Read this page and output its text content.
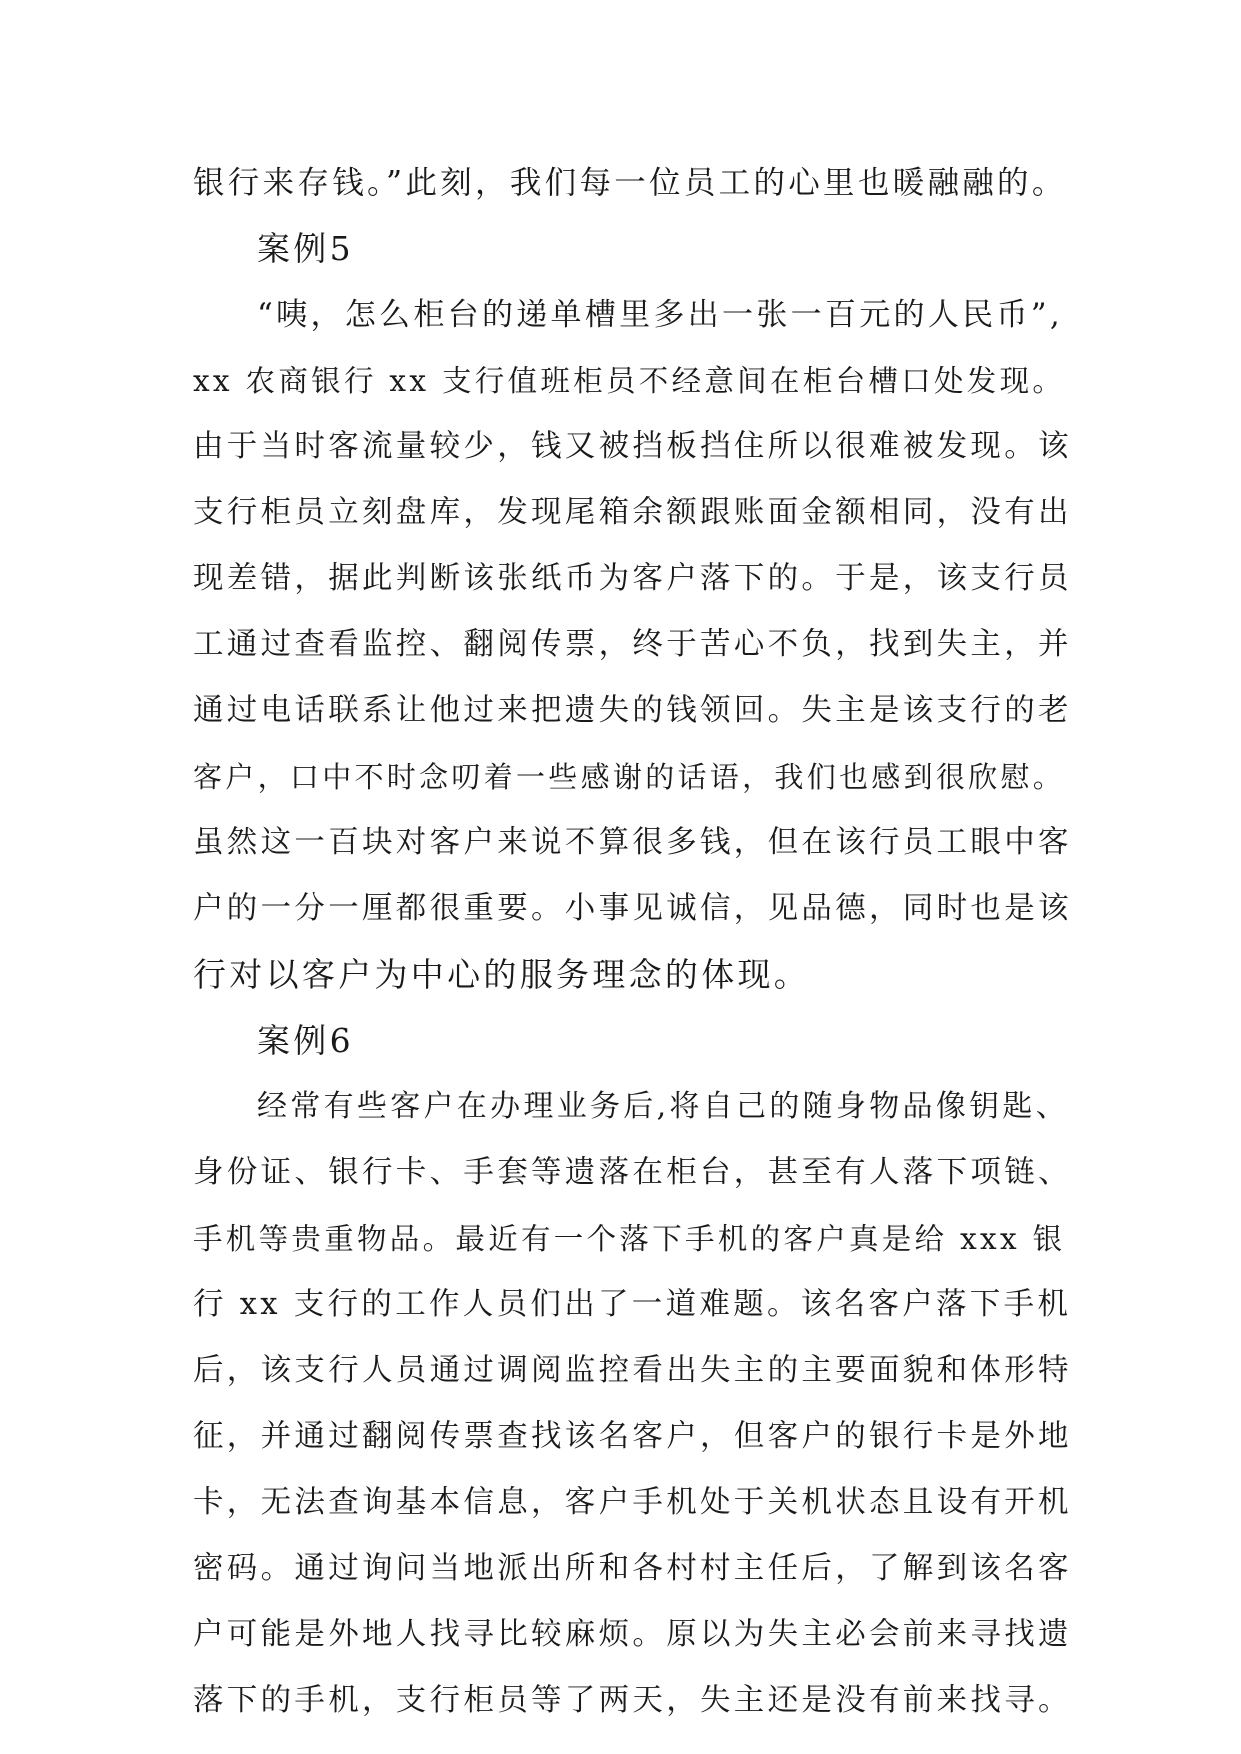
银行来存钱。”此刻，我们每一位员工的心里也暖融融的。
案例5
“咦，怎么柜台的递单槽里多出一张一百元的人民币”,
xx 农商银行 xx 支行值班柜员不经意间在柜台槽口处发现。
由于当时客流量较少，钱又被挡板挡住所以很难被发现。该
支行柜员立刻盘库，发现尾箱余额跟账面金额相同，没有出
现差错，据此判断该张纸币为客户落下的。于是，该支行员
工通过查看监控、翻阅传票，终于苦心不负，找到失主，并
通过电话联系让他过来把遗失的钱领回。失主是该支行的老
客户，口中不时念叨着一些感谢的话语，我们也感到很欣慰。
虽然这一百块对客户来说不算很多钱，但在该行员工眼中客
户的一分一厘都很重要。小事见诚信，见品德，同时也是该
行对以客户为中心的服务理念的体现。
案例6
经常有些客户在办理业务后,将自己的随身物品像钥匙、
身份证、银行卡、手套等遗落在柜台，甚至有人落下项链、
手机等贵重物品。最近有一个落下手机的客户真是给 xxx 银
行 xx 支行的工作人员们出了一道难题。该名客户落下手机
后，该支行人员通过调阅监控看出失主的主要面貌和体形特
征，并通过翻阅传票查找该名客户，但客户的银行卡是外地
卡，无法查询基本信息，客户手机处于关机状态且设有开机
密码。通过询问当地派出所和各村村主任后，了解到该名客
户可能是外地人找寻比较麻烦。原以为失主必会前来寻找遗
落下的手机，支行柜员等了两天，失主还是没有前来找寻。
